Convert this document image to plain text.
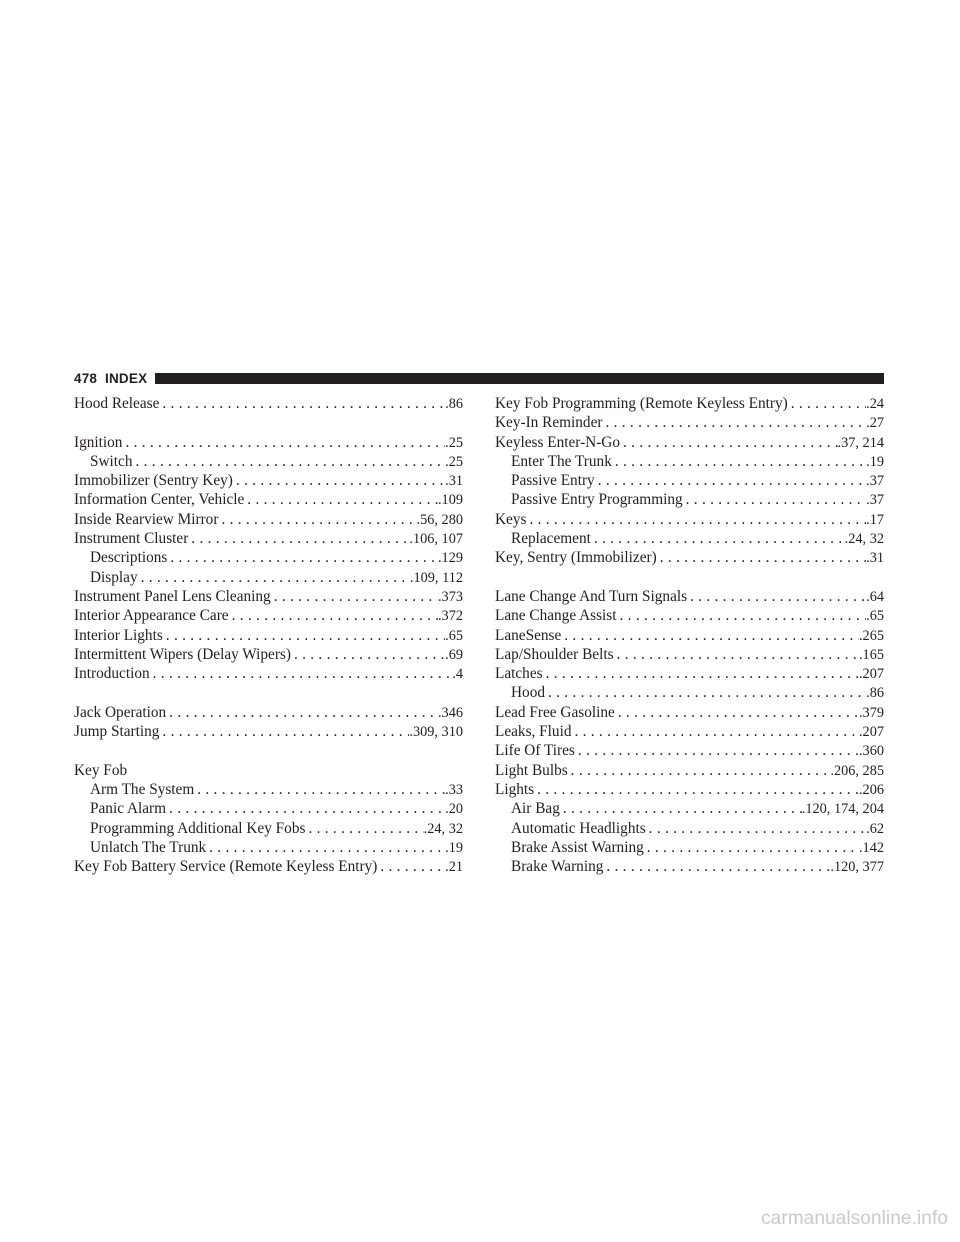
478
INDEX
Hood Release . . .	.86
Ignition . . .	.25
Switch . . .	.25
Immobilizer (Sentry Key) . . .	.31
Information Center, Vehicle . . .	.109
Inside Rearview Mirror . . .	.56, 280
Instrument Cluster . . .	.106, 107
Descriptions . . .	.129
Display . . .	.109, 112
Instrument Panel Lens Cleaning . . .	.373
Interior Appearance Care . . .	.372
Interior Lights . . .	.65
Intermittent Wipers (Delay Wipers) . . .	.69
Introduction . . .	.4
Jack Operation . . .	.346
Jump Starting . . .	.309, 310
Key Fob
Arm The System . . .	.33
Panic Alarm . . .	.20
Programming Additional Key Fobs . . .	.24, 32
Unlatch The Trunk . . .	.19
Key Fob Battery Service (Remote Keyless Entry) . . .	.21
Key Fob Programming (Remote Keyless Entry) . . .	.24
Key-In Reminder . . .	.27
Keyless Enter-N-Go . . .	.37, 214
Enter The Trunk . . .	.19
Passive Entry . . .	.37
Passive Entry Programming . . .	.37
Keys . . .	.17
Replacement . . .	.24, 32
Key, Sentry (Immobilizer) . . .	.31
Lane Change And Turn Signals . . .	.64
Lane Change Assist . . .	.65
LaneSense . . .	.265
Lap/Shoulder Belts . . .	.165
Latches . . .	.207
Hood . . .	.86
Lead Free Gasoline . . .	.379
Leaks, Fluid . . .	.207
Life Of Tires . . .	.360
Light Bulbs . . .	.206, 285
Lights . . .	.206
Air Bag . . .	.120, 174, 204
Automatic Headlights . . .	.62
Brake Assist Warning . . .	.142
Brake Warning . . .	.120, 377
carmanualsonline.info
